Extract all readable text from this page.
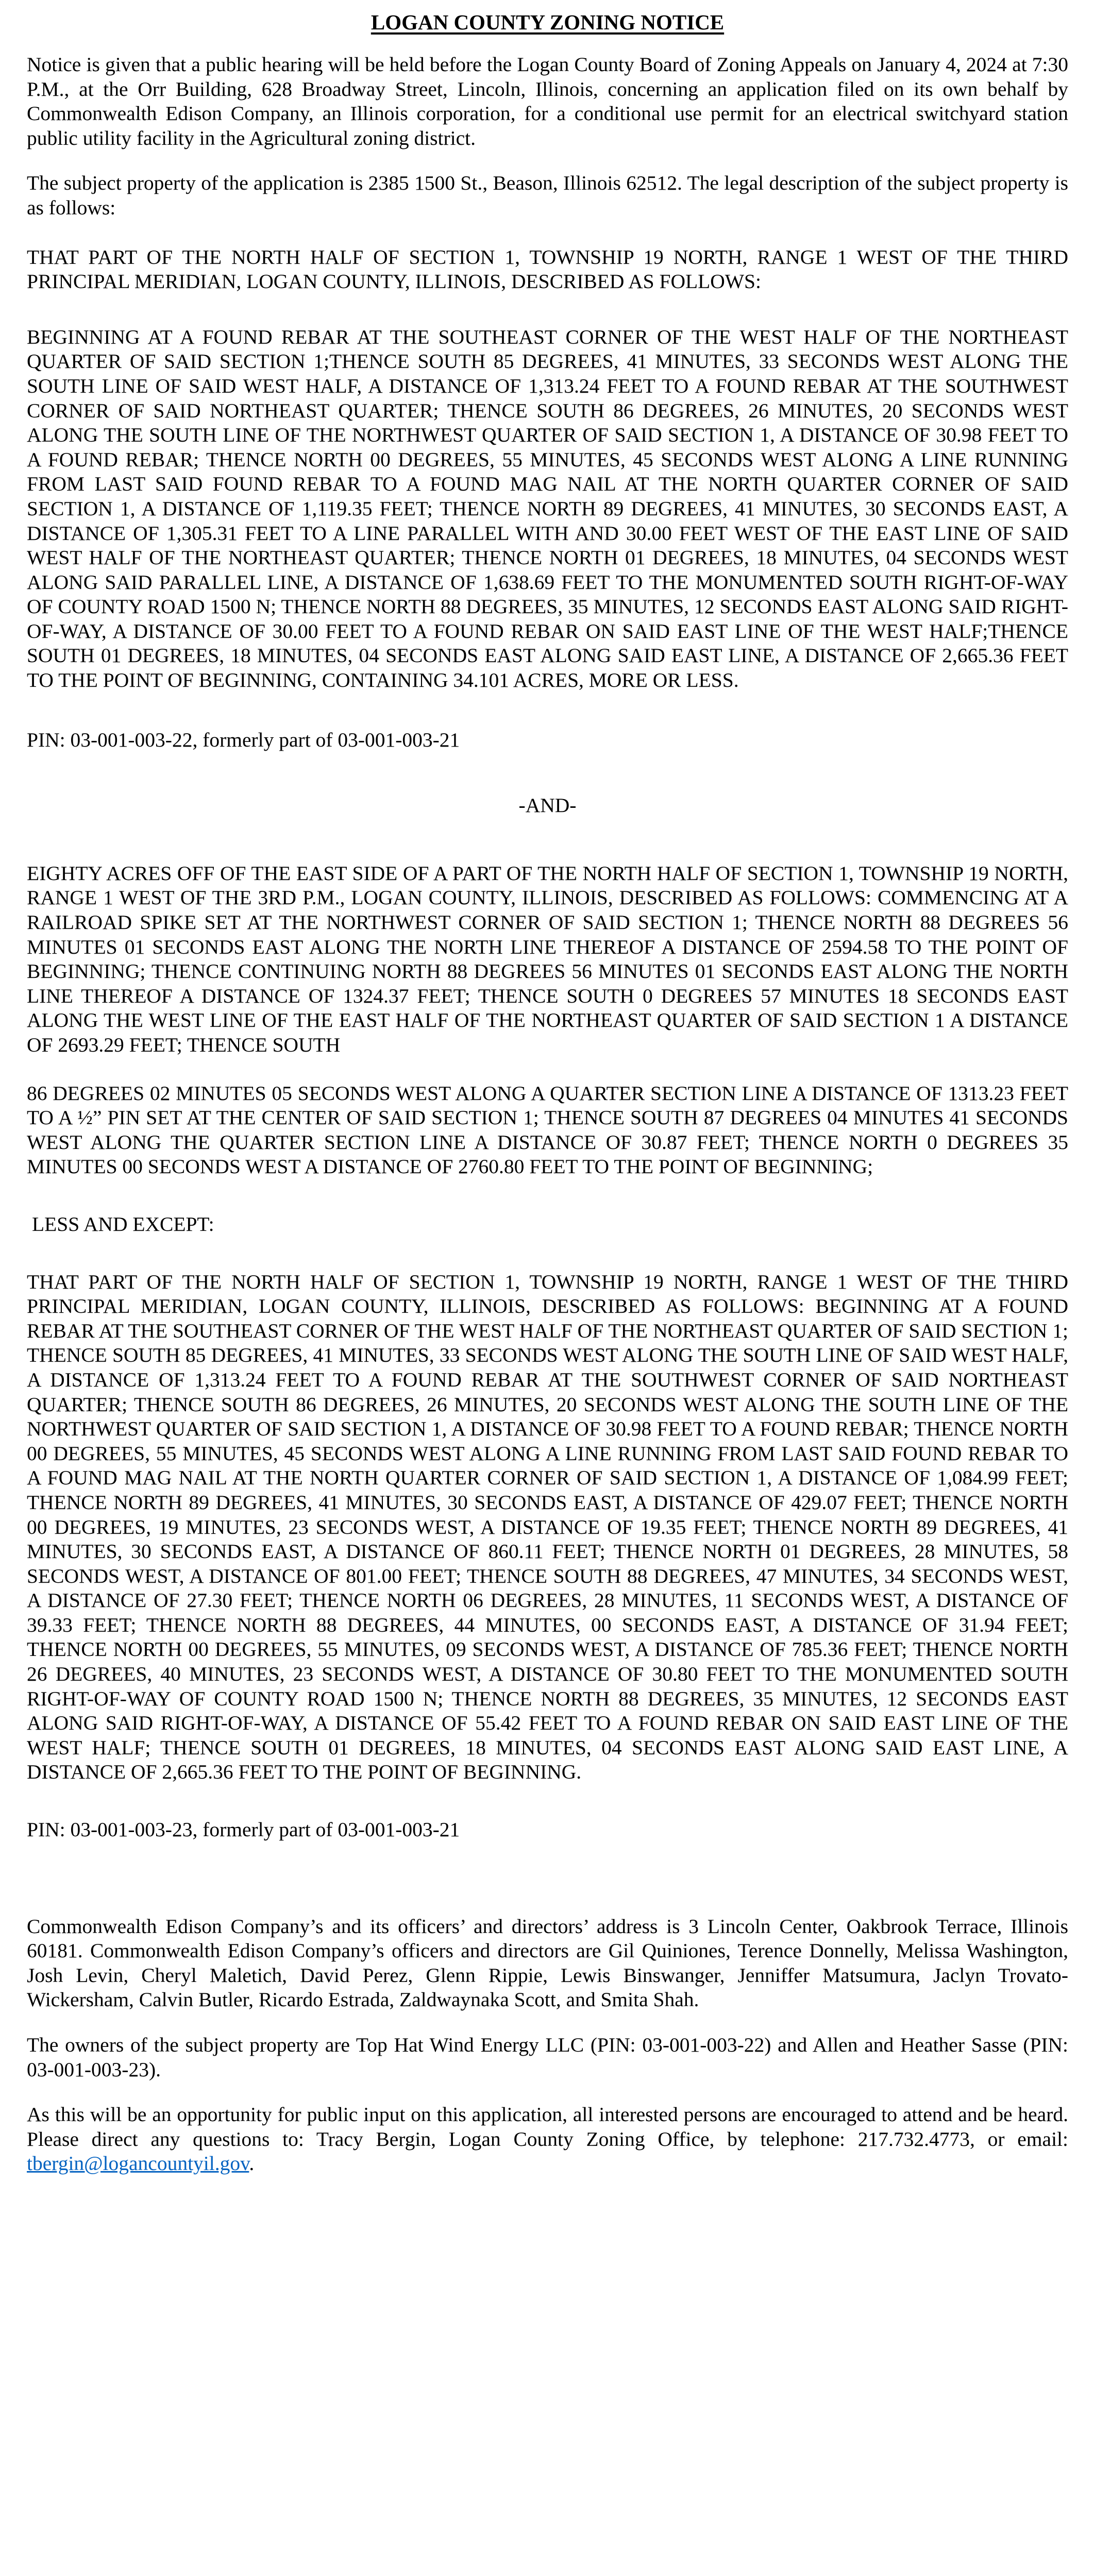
LOGAN COUNTY ZONING NOTICE

Notice is given that a public hearing will be held before the Logan County Board of Zoning Appeals on January 4, 2024 at 7:30 P.M., at the Orr Building, 628 Broadway Street, Lincoln, Illinois, concerning an application filed on its own behalf by Commonwealth Edison Company, an Illinois corporation, for a conditional use permit for an electrical switchyard station public utility facility in the Agricultural zoning district.

The subject property of the application is 2385 1500 St., Beason, Illinois 62512. The legal description of the subject property is as follows:

THAT PART OF THE NORTH HALF OF SECTION 1, TOWNSHIP 19 NORTH, RANGE 1 WEST OF THE THIRD PRINCIPAL MERIDIAN, LOGAN COUNTY, ILLINOIS, DESCRIBED AS FOLLOWS:

BEGINNING AT A FOUND REBAR AT THE SOUTHEAST CORNER OF THE WEST HALF OF THE NORTHEAST QUARTER OF SAID SECTION 1;THENCE SOUTH 85 DEGREES, 41 MINUTES, 33 SECONDS WEST ALONG THE SOUTH LINE OF SAID WEST HALF, A DISTANCE OF 1,313.24 FEET TO A FOUND REBAR AT THE SOUTHWEST CORNER OF SAID NORTHEAST QUARTER; THENCE SOUTH 86 DEGREES, 26 MINUTES, 20 SECONDS WEST ALONG THE SOUTH LINE OF THE NORTHWEST QUARTER OF SAID SECTION 1, A DISTANCE OF 30.98 FEET TO A FOUND REBAR; THENCE NORTH 00 DEGREES, 55 MINUTES, 45 SECONDS WEST ALONG A LINE RUNNING FROM LAST SAID FOUND REBAR TO A FOUND MAG NAIL AT THE NORTH QUARTER CORNER OF SAID SECTION 1, A DISTANCE OF 1,119.35 FEET; THENCE NORTH 89 DEGREES, 41 MINUTES, 30 SECONDS EAST, A DISTANCE OF 1,305.31 FEET TO A LINE PARALLEL WITH AND 30.00 FEET WEST OF THE EAST LINE OF SAID WEST HALF OF THE NORTHEAST QUARTER; THENCE NORTH 01 DEGREES, 18 MINUTES, 04 SECONDS WEST ALONG SAID PARALLEL LINE, A DISTANCE OF 1,638.69 FEET TO THE MONUMENTED SOUTH RIGHT-OF-WAY OF COUNTY ROAD 1500 N; THENCE NORTH 88 DEGREES, 35 MINUTES, 12 SECONDS EAST ALONG SAID RIGHT- OF-WAY, A DISTANCE OF 30.00 FEET TO A FOUND REBAR ON SAID EAST LINE OF THE WEST HALF;THENCE SOUTH 01 DEGREES, 18 MINUTES, 04 SECONDS EAST ALONG SAID EAST LINE, A DISTANCE OF 2,665.36 FEET TO THE POINT OF BEGINNING, CONTAINING 34.101 ACRES, MORE OR LESS.

PIN: 03-001-003-22, formerly part of 03-001-003-21

-AND-

EIGHTY ACRES OFF OF THE EAST SIDE OF A PART OF THE NORTH HALF OF SECTION 1, TOWNSHIP 19 NORTH, RANGE 1 WEST OF THE 3RD P.M., LOGAN COUNTY, ILLINOIS, DESCRIBED AS FOLLOWS: COMMENCING AT A RAILROAD SPIKE SET AT THE NORTHWEST CORNER OF SAID SECTION 1; THENCE NORTH 88 DEGREES 56 MINUTES 01 SECONDS EAST ALONG THE NORTH LINE THEREOF A DISTANCE OF 2594.58 TO THE POINT OF BEGINNING; THENCE CONTINUING NORTH 88 DEGREES 56 MINUTES 01 SECONDS EAST ALONG THE NORTH LINE THEREOF A DISTANCE OF 1324.37 FEET; THENCE SOUTH 0 DEGREES 57 MINUTES 18 SECONDS EAST ALONG THE WEST LINE OF THE EAST HALF OF THE NORTHEAST QUARTER OF SAID SECTION 1 A DISTANCE OF 2693.29 FEET; THENCE SOUTH

86 DEGREES 02 MINUTES 05 SECONDS WEST ALONG A QUARTER SECTION LINE A DISTANCE OF 1313.23 FEET TO A ½” PIN SET AT THE CENTER OF SAID SECTION 1; THENCE SOUTH 87 DEGREES 04 MINUTES 41 SECONDS WEST ALONG THE QUARTER SECTION LINE A DISTANCE OF 30.87 FEET; THENCE NORTH 0 DEGREES 35 MINUTES 00 SECONDS WEST A DISTANCE OF 2760.80 FEET TO THE POINT OF BEGINNING;

LESS AND EXCEPT:

THAT PART OF THE NORTH HALF OF SECTION 1, TOWNSHIP 19 NORTH, RANGE 1 WEST OF THE THIRD PRINCIPAL MERIDIAN, LOGAN COUNTY, ILLINOIS, DESCRIBED AS FOLLOWS: BEGINNING AT A FOUND REBAR AT THE SOUTHEAST CORNER OF THE WEST HALF OF THE NORTHEAST QUARTER OF SAID SECTION 1; THENCE SOUTH 85 DEGREES, 41 MINUTES, 33 SECONDS WEST ALONG THE SOUTH LINE OF SAID WEST HALF, A DISTANCE OF 1,313.24 FEET TO A FOUND REBAR AT THE SOUTHWEST CORNER OF SAID NORTHEAST QUARTER; THENCE SOUTH 86 DEGREES, 26 MINUTES, 20 SECONDS WEST ALONG THE SOUTH LINE OF THE NORTHWEST QUARTER OF SAID SECTION 1, A DISTANCE OF 30.98 FEET TO A FOUND REBAR; THENCE NORTH 00 DEGREES, 55 MINUTES, 45 SECONDS WEST ALONG A LINE RUNNING FROM LAST SAID FOUND REBAR TO A FOUND MAG NAIL AT THE NORTH QUARTER CORNER OF SAID SECTION 1, A DISTANCE OF 1,084.99 FEET; THENCE NORTH 89 DEGREES, 41 MINUTES, 30 SECONDS EAST, A DISTANCE OF 429.07 FEET; THENCE NORTH 00 DEGREES, 19 MINUTES, 23 SECONDS WEST, A DISTANCE OF 19.35 FEET; THENCE NORTH 89 DEGREES, 41 MINUTES, 30 SECONDS EAST, A DISTANCE OF 860.11 FEET; THENCE NORTH 01 DEGREES, 28 MINUTES, 58 SECONDS WEST, A DISTANCE OF 801.00 FEET; THENCE SOUTH 88 DEGREES, 47 MINUTES, 34 SECONDS WEST, A DISTANCE OF 27.30 FEET; THENCE NORTH 06 DEGREES, 28 MINUTES, 11 SECONDS WEST, A DISTANCE OF 39.33 FEET; THENCE NORTH 88 DEGREES, 44 MINUTES, 00 SECONDS EAST, A DISTANCE OF 31.94 FEET; THENCE NORTH 00 DEGREES, 55 MINUTES, 09 SECONDS WEST, A DISTANCE OF 785.36 FEET; THENCE NORTH 26 DEGREES, 40 MINUTES, 23 SECONDS WEST, A DISTANCE OF 30.80 FEET TO THE MONUMENTED SOUTH RIGHT-OF-WAY OF COUNTY ROAD 1500 N; THENCE NORTH 88 DEGREES, 35 MINUTES, 12 SECONDS EAST ALONG SAID RIGHT-OF-WAY, A DISTANCE OF 55.42 FEET TO A FOUND REBAR ON SAID EAST LINE OF THE WEST HALF; THENCE SOUTH 01 DEGREES, 18 MINUTES, 04 SECONDS EAST ALONG SAID EAST LINE, A DISTANCE OF 2,665.36 FEET TO THE POINT OF BEGINNING.

PIN: 03-001-003-23, formerly part of 03-001-003-21

Commonwealth Edison Company’s and its officers’ and directors’ address is 3 Lincoln Center, Oakbrook Terrace, Illinois 60181. Commonwealth Edison Company’s officers and directors are Gil Quiniones, Terence Donnelly, Melissa Washington, Josh Levin, Cheryl Maletich, David Perez, Glenn Rippie, Lewis Binswanger, Jenniffer Matsumura, Jaclyn Trovato-Wickersham, Calvin Butler, Ricardo Estrada, Zaldwaynaka Scott, and Smita Shah.

The owners of the subject property are Top Hat Wind Energy LLC (PIN: 03-001-003-22) and Allen and Heather Sasse (PIN: 03-001-003-23).

As this will be an opportunity for public input on this application, all interested persons are encouraged to attend and be heard. Please direct any questions to: Tracy Bergin, Logan County Zoning Office, by telephone: 217.732.4773, or email: tbergin@logancountyil.gov.
